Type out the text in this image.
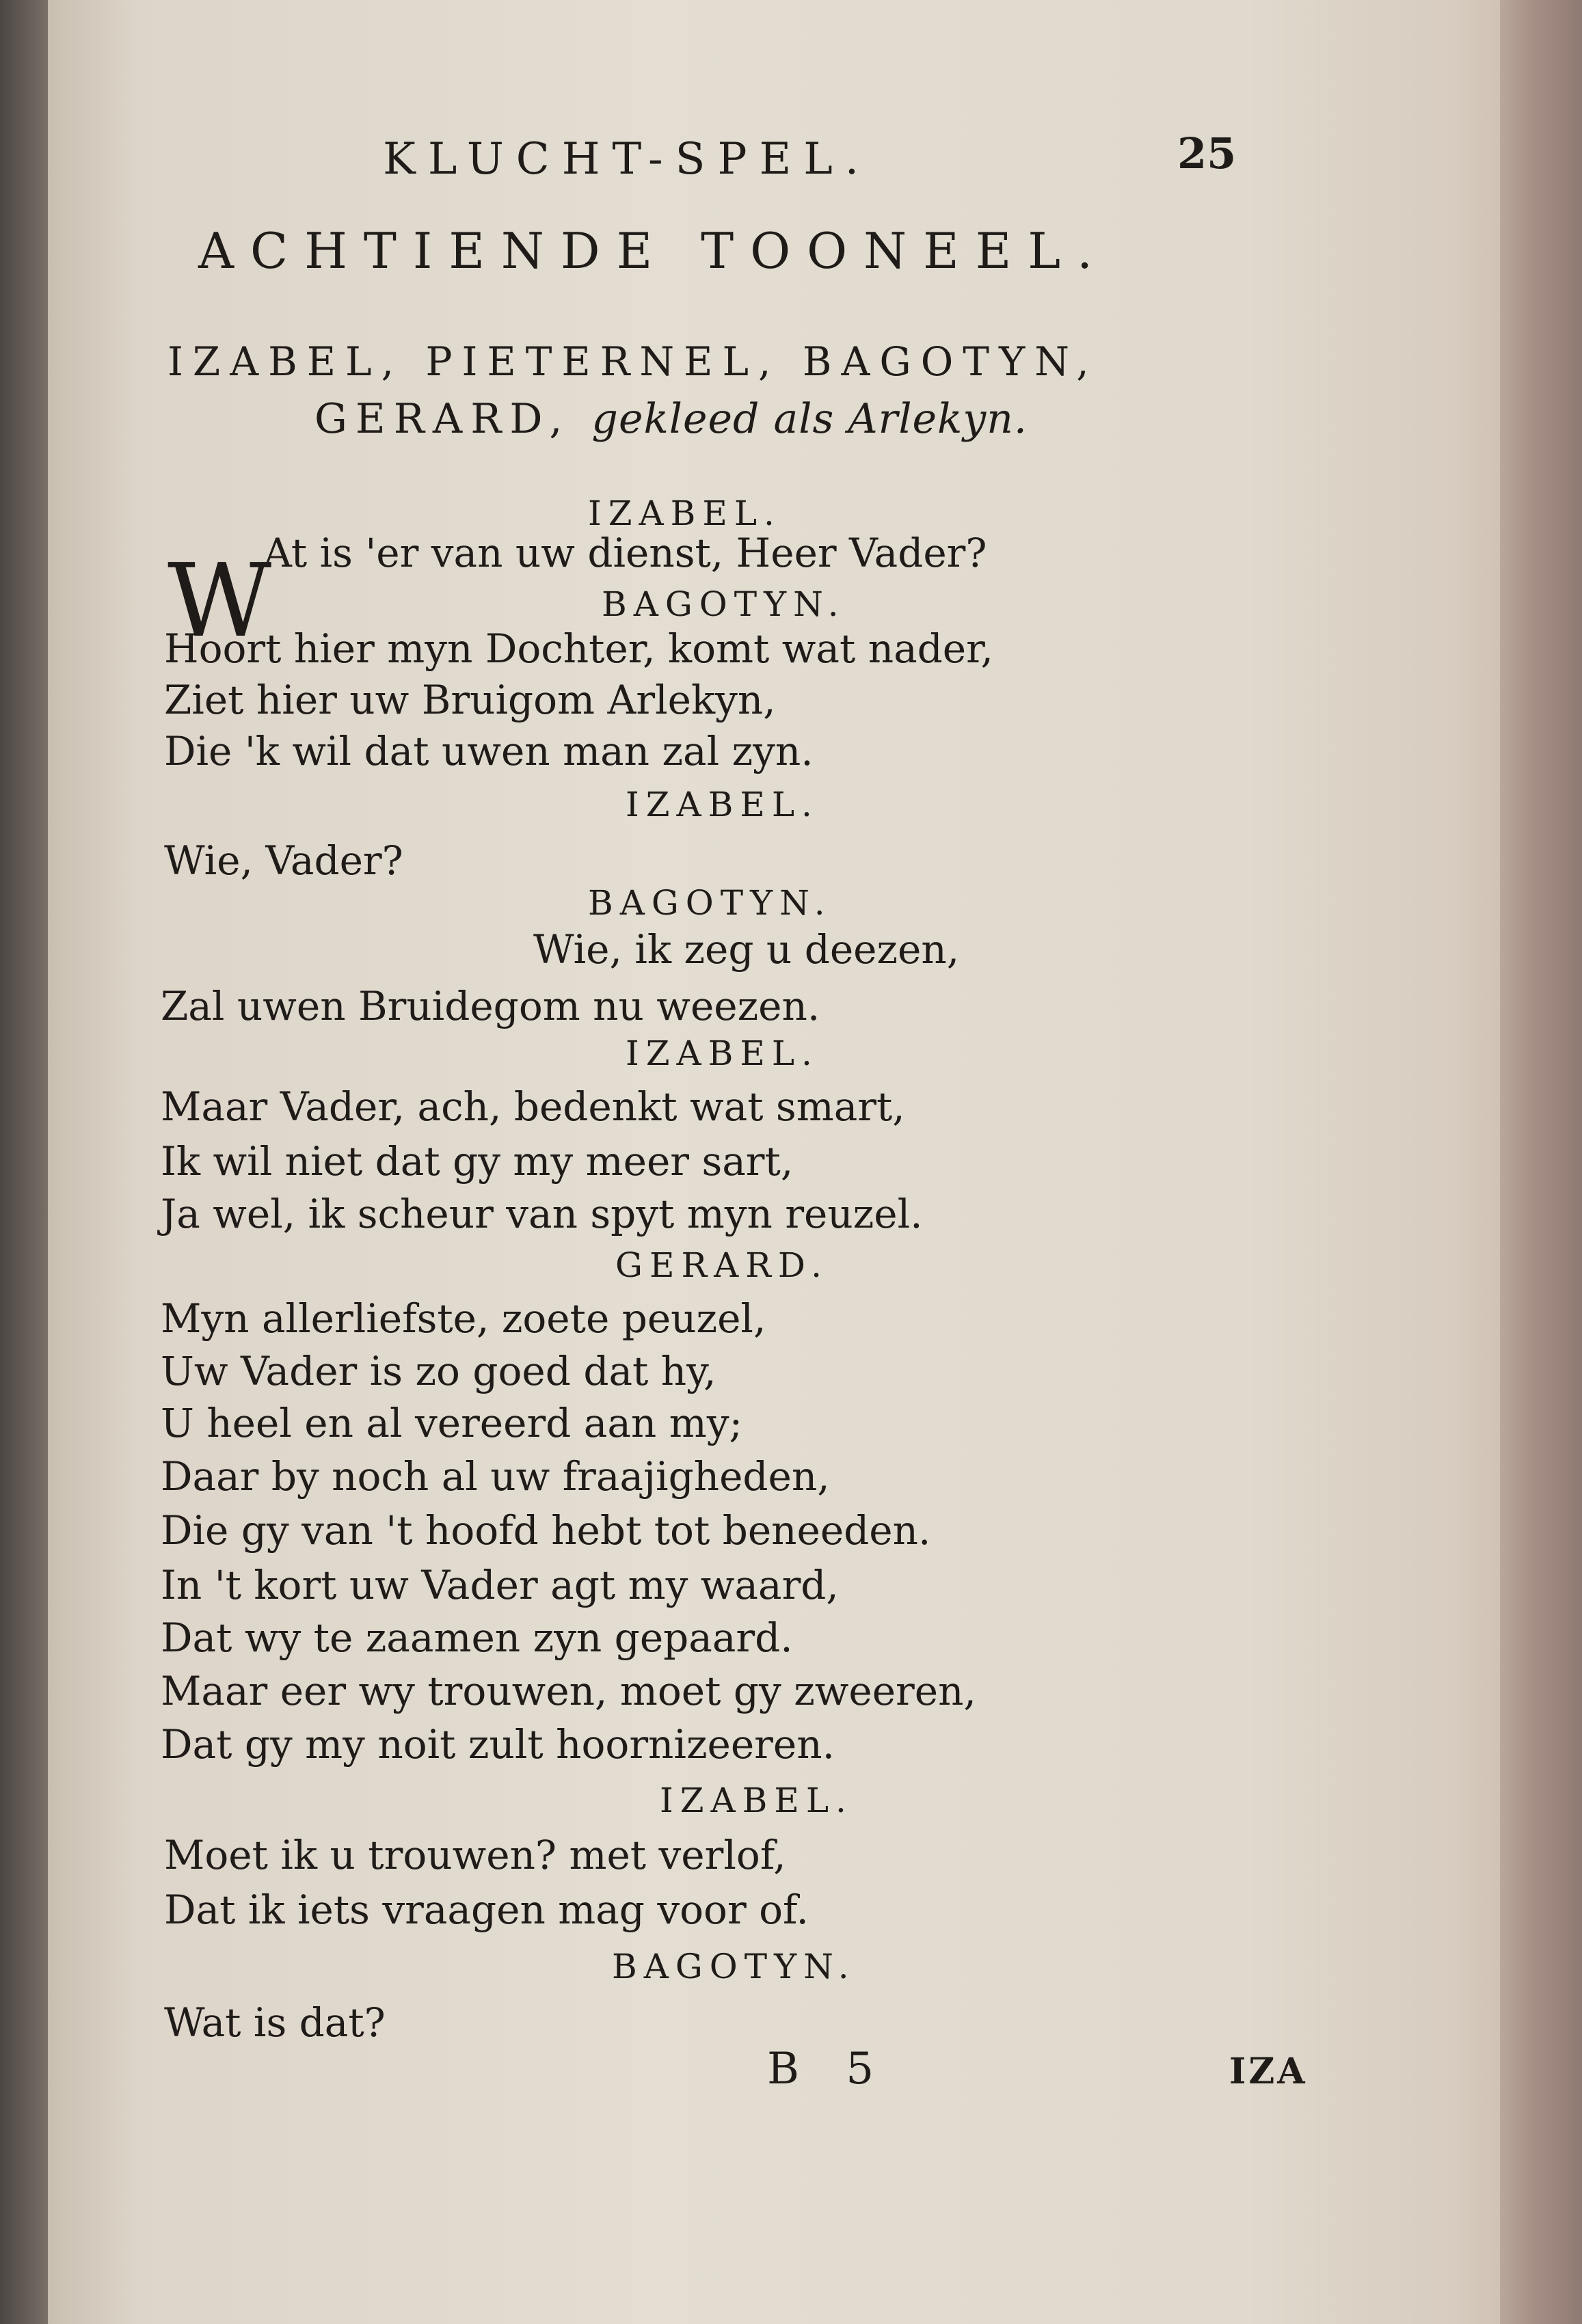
KLUCHT-SPEL.	25
ACHTIENDE TOONEEL.
IZABEL, PIETERNEL, BAGOTYN,
GERARD, gekleed als Arlekyn.
IZABEL.
W
At is 'er van uw dienst, Heer Vader?
BAGOTYN.
Hoort hier myn Dochter, komt wat nader,
Ziet hier uw Bruigom Arlekyn,
Die 'k wil dat uwen man zal zyn.
IZABEL.
Wie, Vader?
BAGOTYN.
Wie, ik zeg u deezen,
Zal uwen Bruidegom nu weezen.
IZABEL.
Maar Vader, ach, bedenkt wat smart,
Ik wil niet dat gy my meer sart,
Ja wel, ik scheur van spyt myn reuzel.
GERARD.
Myn allerliefste, zoete peuzel,
Uw Vader is zo goed dat hy,
U heel en al vereerd aan my;
Daar by noch al uw fraajigheden,
Die gy van 't hoofd hebt tot beneeden.
In 't kort uw Vader agt my waard,
Dat wy te zaamen zyn gepaard.
Maar eer wy trouwen, moet gy zweeren,
Dat gy my noit zult hoornizeeren.
IZABEL.
Moet ik u trouwen? met verlof,
Dat ik iets vraagen mag voor of.
BAGOTYN.
Wat is dat?
B 5	IZA
